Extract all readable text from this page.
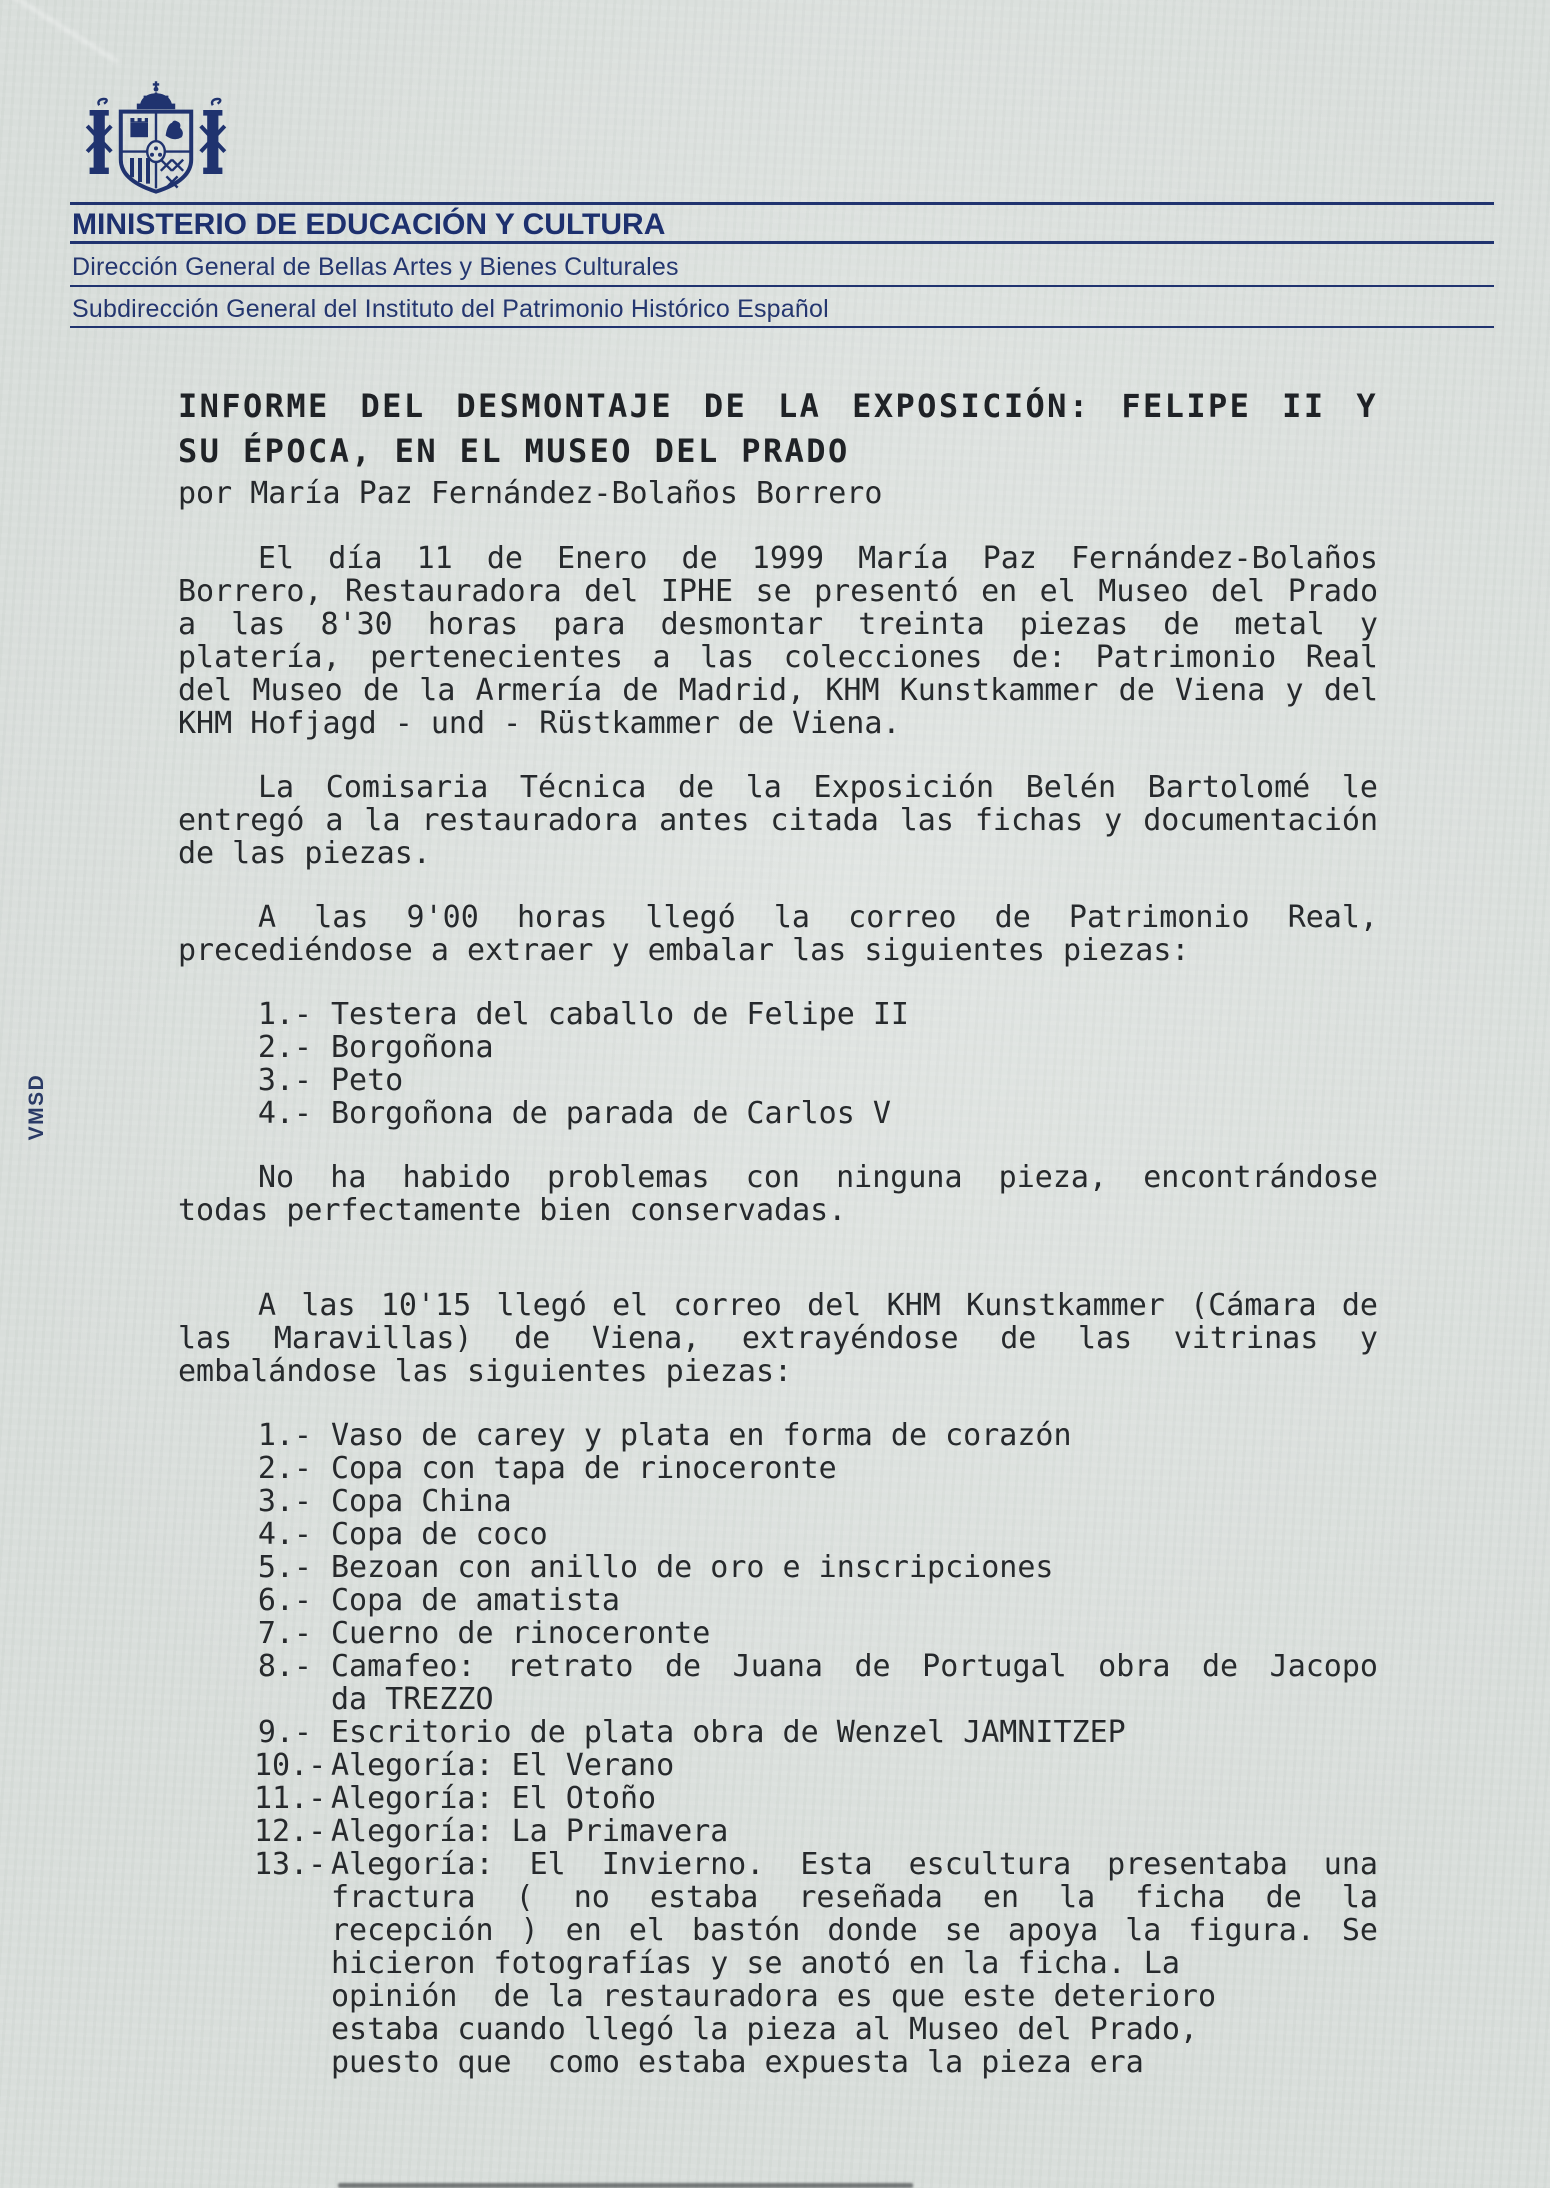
MINISTERIO DE EDUCACIÓN Y CULTURA
Dirección General de Bellas Artes y Bienes Culturales
Subdirección General del Instituto del Patrimonio Histórico Español
VMSD
INFORME DEL DESMONTAJE DE LA EXPOSICIÓN: FELIPE II Y
SU ÉPOCA, EN EL MUSEO DEL PRADO
por María Paz Fernández-Bolaños Borrero
El día 11 de Enero de 1999 María Paz Fernández-Bolaños
Borrero, Restauradora del IPHE se presentó en el Museo del Prado
a las 8'30 horas para desmontar treinta piezas de metal y
platería, pertenecientes a las colecciones de: Patrimonio Real
del Museo de la Armería de Madrid, KHM Kunstkammer de Viena y del
KHM Hofjagd - und - Rüstkammer de Viena.
La Comisaria Técnica de la Exposición Belén Bartolomé le
entregó a la restauradora antes citada las fichas y documentación
de las piezas.
A las 9'00 horas llegó la correo de Patrimonio Real,
precediéndose a extraer y embalar las siguientes piezas:
1.- Testera del caballo de Felipe II
2.- Borgoñona
3.- Peto
4.- Borgoñona de parada de Carlos V
No ha habido problemas con ninguna pieza, encontrándose
todas perfectamente bien conservadas.
A las 10'15 llegó el correo del KHM Kunstkammer (Cámara de
las Maravillas) de Viena, extrayéndose de las vitrinas y
embalándose las siguientes piezas:
1.- Vaso de carey y plata en forma de corazón
2.- Copa con tapa de rinoceronte
3.- Copa China
4.- Copa de coco
5.- Bezoan con anillo de oro e inscripciones
6.- Copa de amatista
7.- Cuerno de rinoceronte
8.- Camafeo: retrato de Juana de Portugal obra de Jacopo
da TREZZO
9.- Escritorio de plata obra de Wenzel JAMNITZEP
10.- Alegoría: El Verano
11.- Alegoría: El Otoño
12.- Alegoría: La Primavera
13.- Alegoría: El Invierno. Esta escultura presentaba una
fractura ( no estaba reseñada en la ficha de la
recepción ) en el bastón donde se apoya la figura. Se
hicieron fotografías y se anotó en la ficha. La
opinión  de la restauradora es que este deterioro
estaba cuando llegó la pieza al Museo del Prado,
puesto que  como estaba expuesta la pieza era
